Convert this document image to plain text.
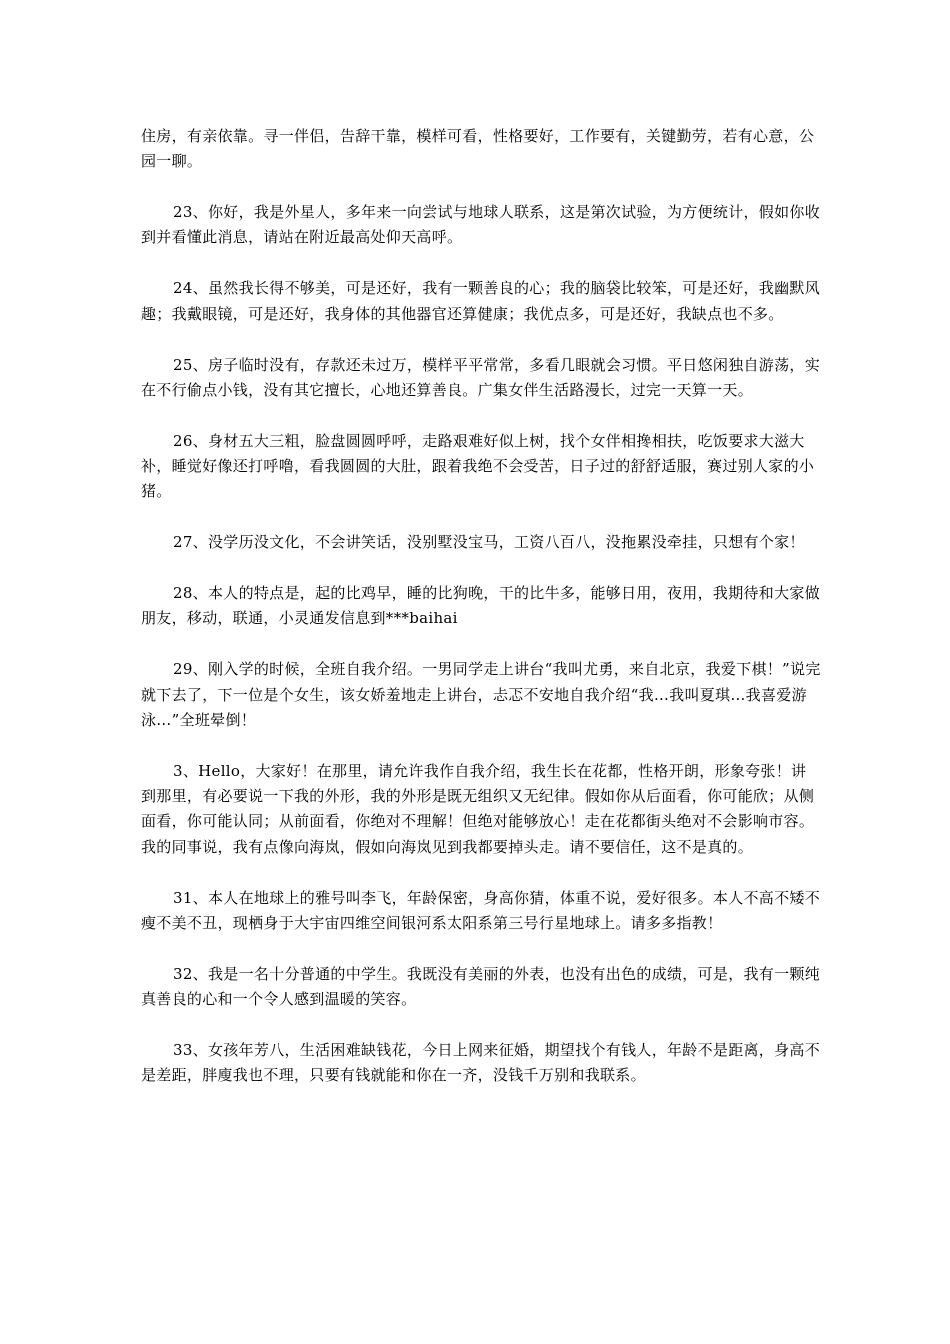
住房，有亲依靠。寻一伴侣，告辞干靠，模样可看，性格要好，工作要有，关键勤劳，若有心意，公园一聊。

23、你好，我是外星人，多年来一向尝试与地球人联系，这是第次试验，为方便统计，假如你收到并看懂此消息，请站在附近最高处仰天高呼。

24、虽然我长得不够美，可是还好，我有一颗善良的心；我的脑袋比较笨，可是还好，我幽默风趣；我戴眼镜，可是还好，我身体的其他器官还算健康；我优点多，可是还好，我缺点也不多。

25、房子临时没有，存款还未过万，模样平平常常，多看几眼就会习惯。平日悠闲独自游荡，实在不行偷点小钱，没有其它擅长，心地还算善良。广集女伴生活路漫长，过完一天算一天。

26、身材五大三粗，脸盘圆圆呼呼，走路艰难好似上树，找个女伴相搀相扶，吃饭要求大滋大补，睡觉好像还打呼噜，看我圆圆的大肚，跟着我绝不会受苦，日子过的舒舒适服，赛过别人家的小猪。

27、没学历没文化，不会讲笑话，没别墅没宝马，工资八百八，没拖累没牵挂，只想有个家！

28、本人的特点是，起的比鸡早，睡的比狗晚，干的比牛多，能够日用，夜用，我期待和大家做朋友，移动，联通，小灵通发信息到***baihai

29、刚入学的时候，全班自我介绍。一男同学走上讲台“我叫尤勇，来自北京，我爱下棋！”说完就下去了，下一位是个女生，该女娇羞地走上讲台，忐忑不安地自我介绍“我…我叫夏琪…我喜爱游泳…”全班晕倒！

3、Hello，大家好！在那里，请允许我作自我介绍，我生长在花都，性格开朗，形象夸张！讲到那里，有必要说一下我的外形，我的外形是既无组织又无纪律。假如你从后面看，你可能欣；从侧面看，你可能认同；从前面看，你绝对不理解！但绝对能够放心！走在花都街头绝对不会影响市容。我的同事说，我有点像向海岚，假如向海岚见到我都要掉头走。请不要信任，这不是真的。

31、本人在地球上的雅号叫李飞，年龄保密，身高你猜，体重不说，爱好很多。本人不高不矮不瘦不美不丑，现栖身于大宇宙四维空间银河系太阳系第三号行星地球上。请多多指教！

32、我是一名十分普通的中学生。我既没有美丽的外表，也没有出色的成绩，可是，我有一颗纯真善良的心和一个令人感到温暖的笑容。

33、女孩年芳八，生活困难缺钱花，今日上网来征婚，期望找个有钱人，年龄不是距离，身高不是差距，胖廋我也不理，只要有钱就能和你在一齐，没钱千万别和我联系。
